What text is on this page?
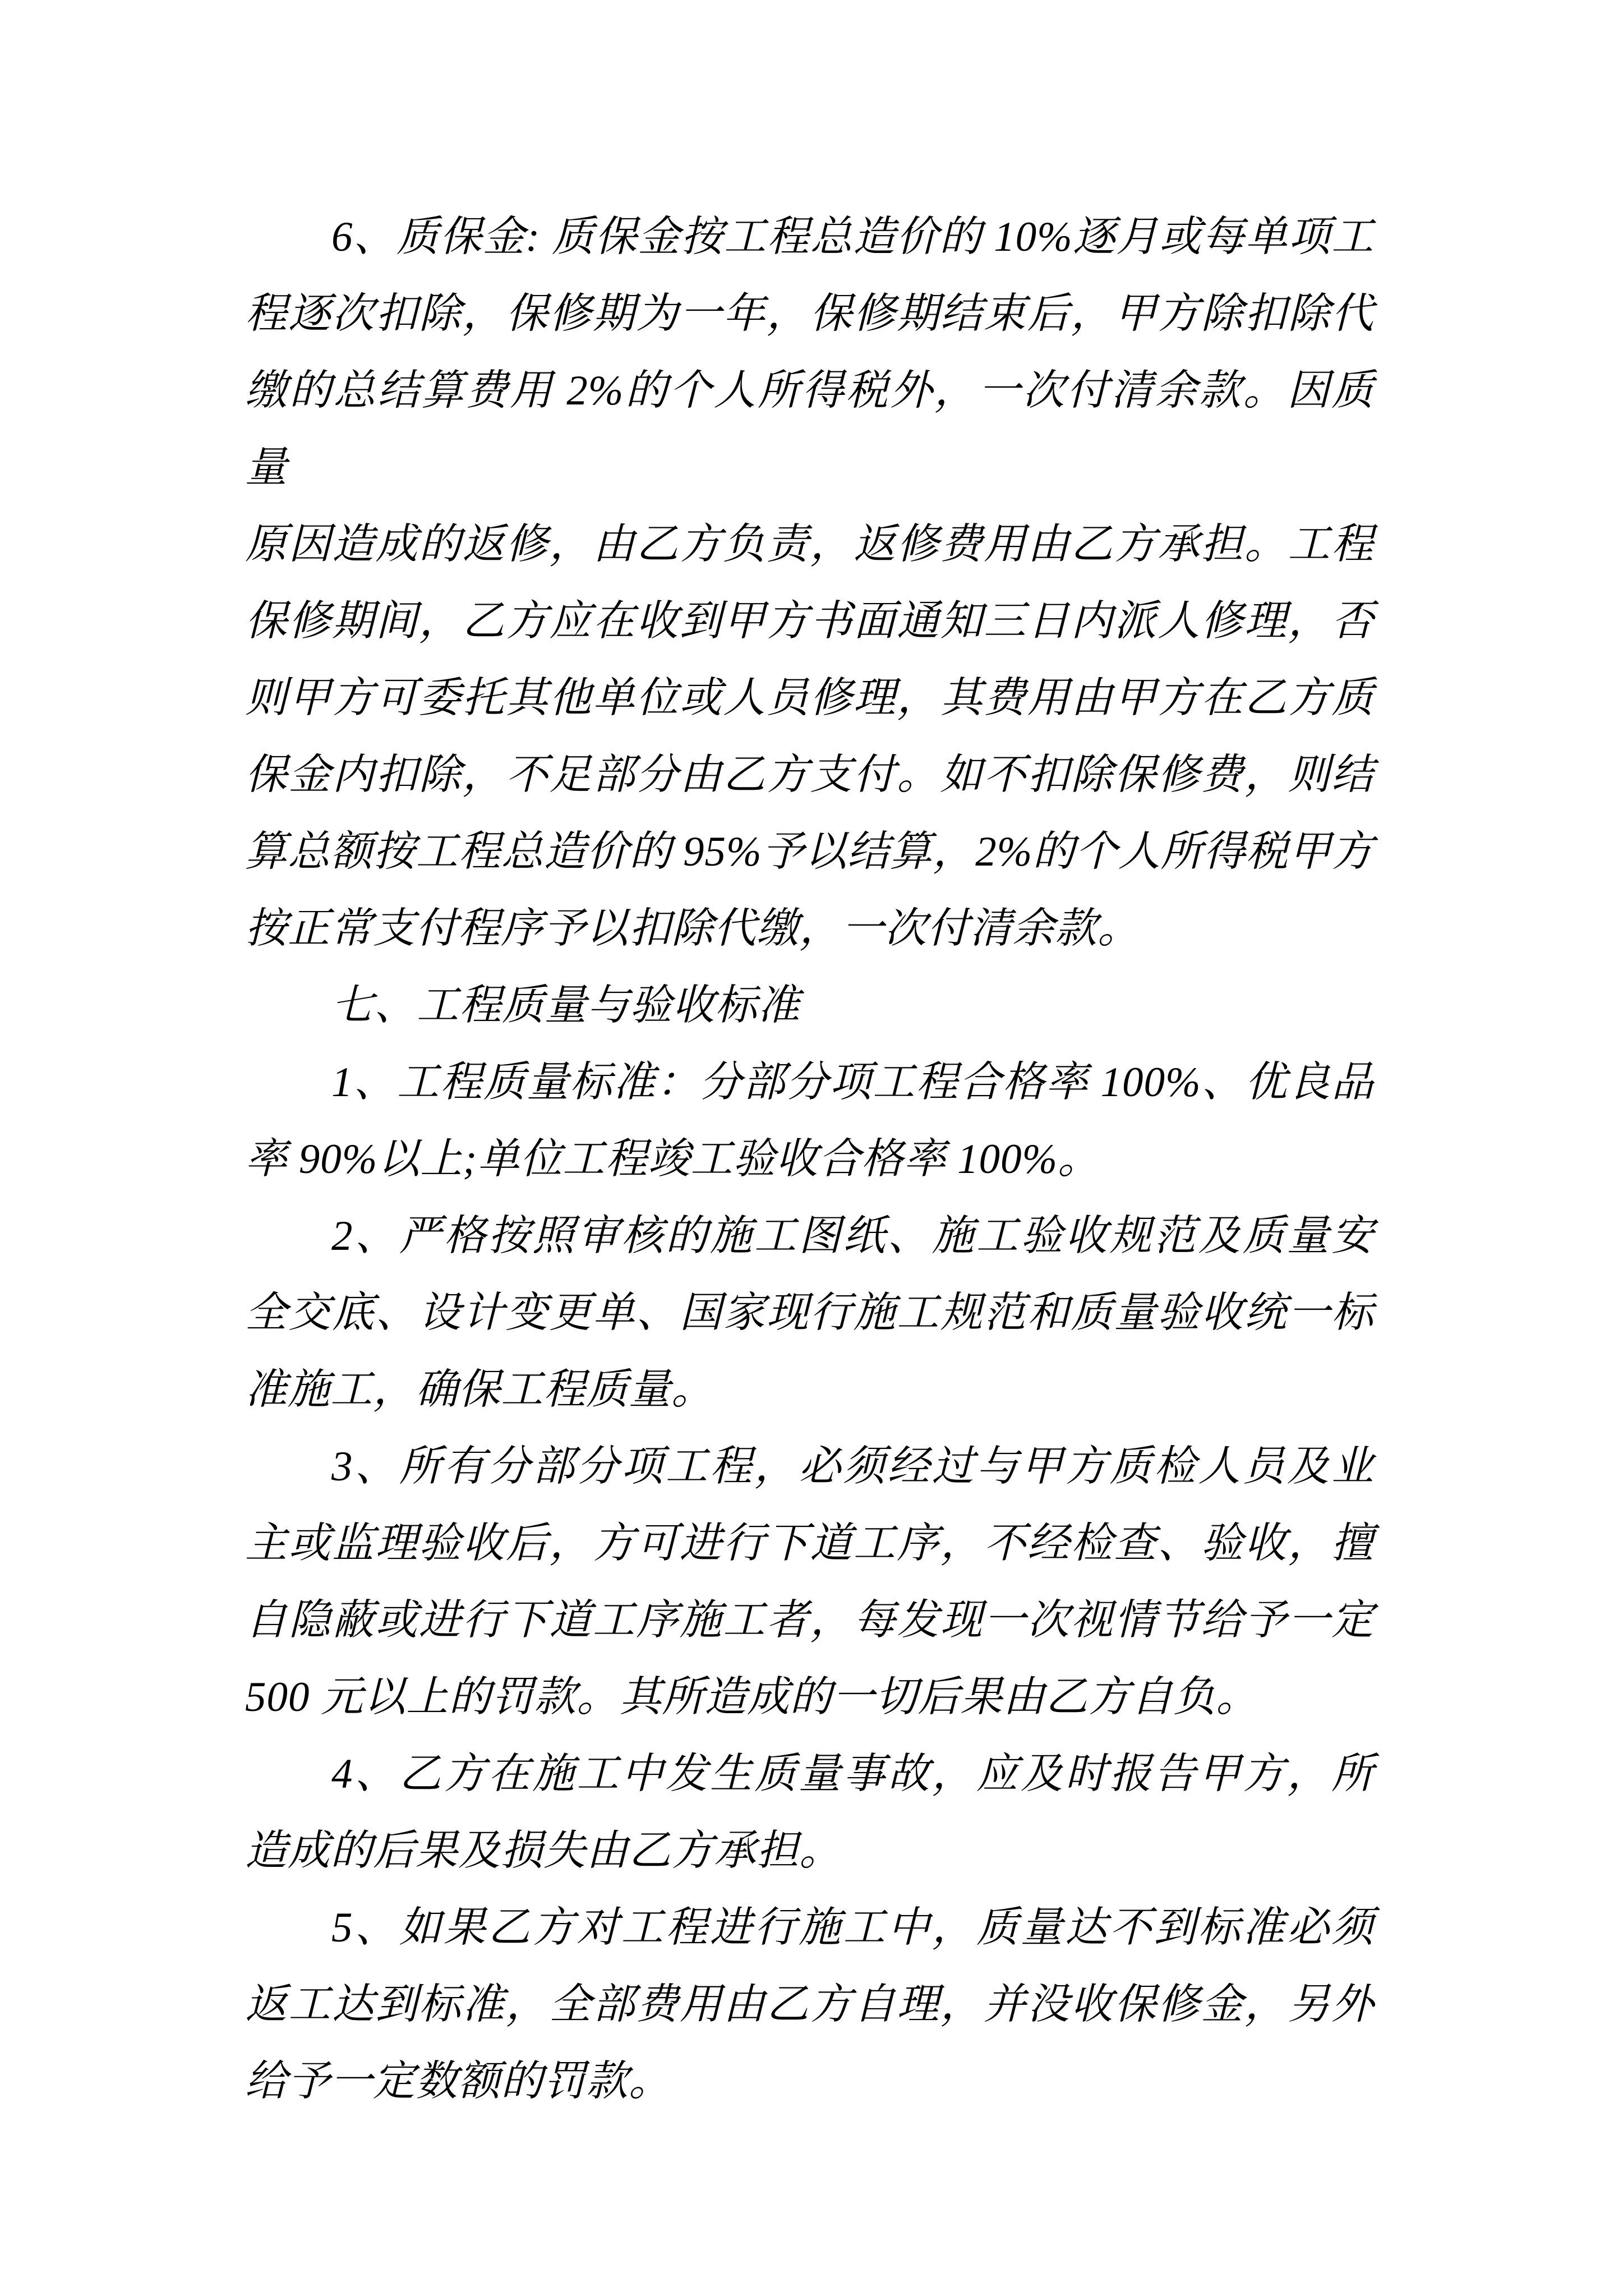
6、质保金: 质保金按工程总造价的 10%逐月或每单项工
程逐次扣除，保修期为一年，保修期结束后，甲方除扣除代
缴的总结算费用 2%的个人所得税外，一次付清余款。因质量
原因造成的返修，由乙方负责，返修费用由乙方承担。工程
保修期间，乙方应在收到甲方书面通知三日内派人修理，否
则甲方可委托其他单位或人员修理，其费用由甲方在乙方质
保金内扣除，不足部分由乙方支付。如不扣除保修费，则结
算总额按工程总造价的 95%予以结算，2%的个人所得税甲方
按正常支付程序予以扣除代缴，一次付清余款。
七、工程质量与验收标准
1、工程质量标准：分部分项工程合格率 100%、优良品
率 90%以上;单位工程竣工验收合格率 100%。
2、严格按照审核的施工图纸、施工验收规范及质量安
全交底、设计变更单、国家现行施工规范和质量验收统一标
准施工，确保工程质量。
3、所有分部分项工程，必须经过与甲方质检人员及业
主或监理验收后，方可进行下道工序，不经检查、验收，擅
自隐蔽或进行下道工序施工者，每发现一次视情节给予一定
500 元以上的罚款。其所造成的一切后果由乙方自负。
4、乙方在施工中发生质量事故，应及时报告甲方，所
造成的后果及损失由乙方承担。
5、如果乙方对工程进行施工中，质量达不到标准必须
返工达到标准，全部费用由乙方自理，并没收保修金，另外
给予一定数额的罚款。
